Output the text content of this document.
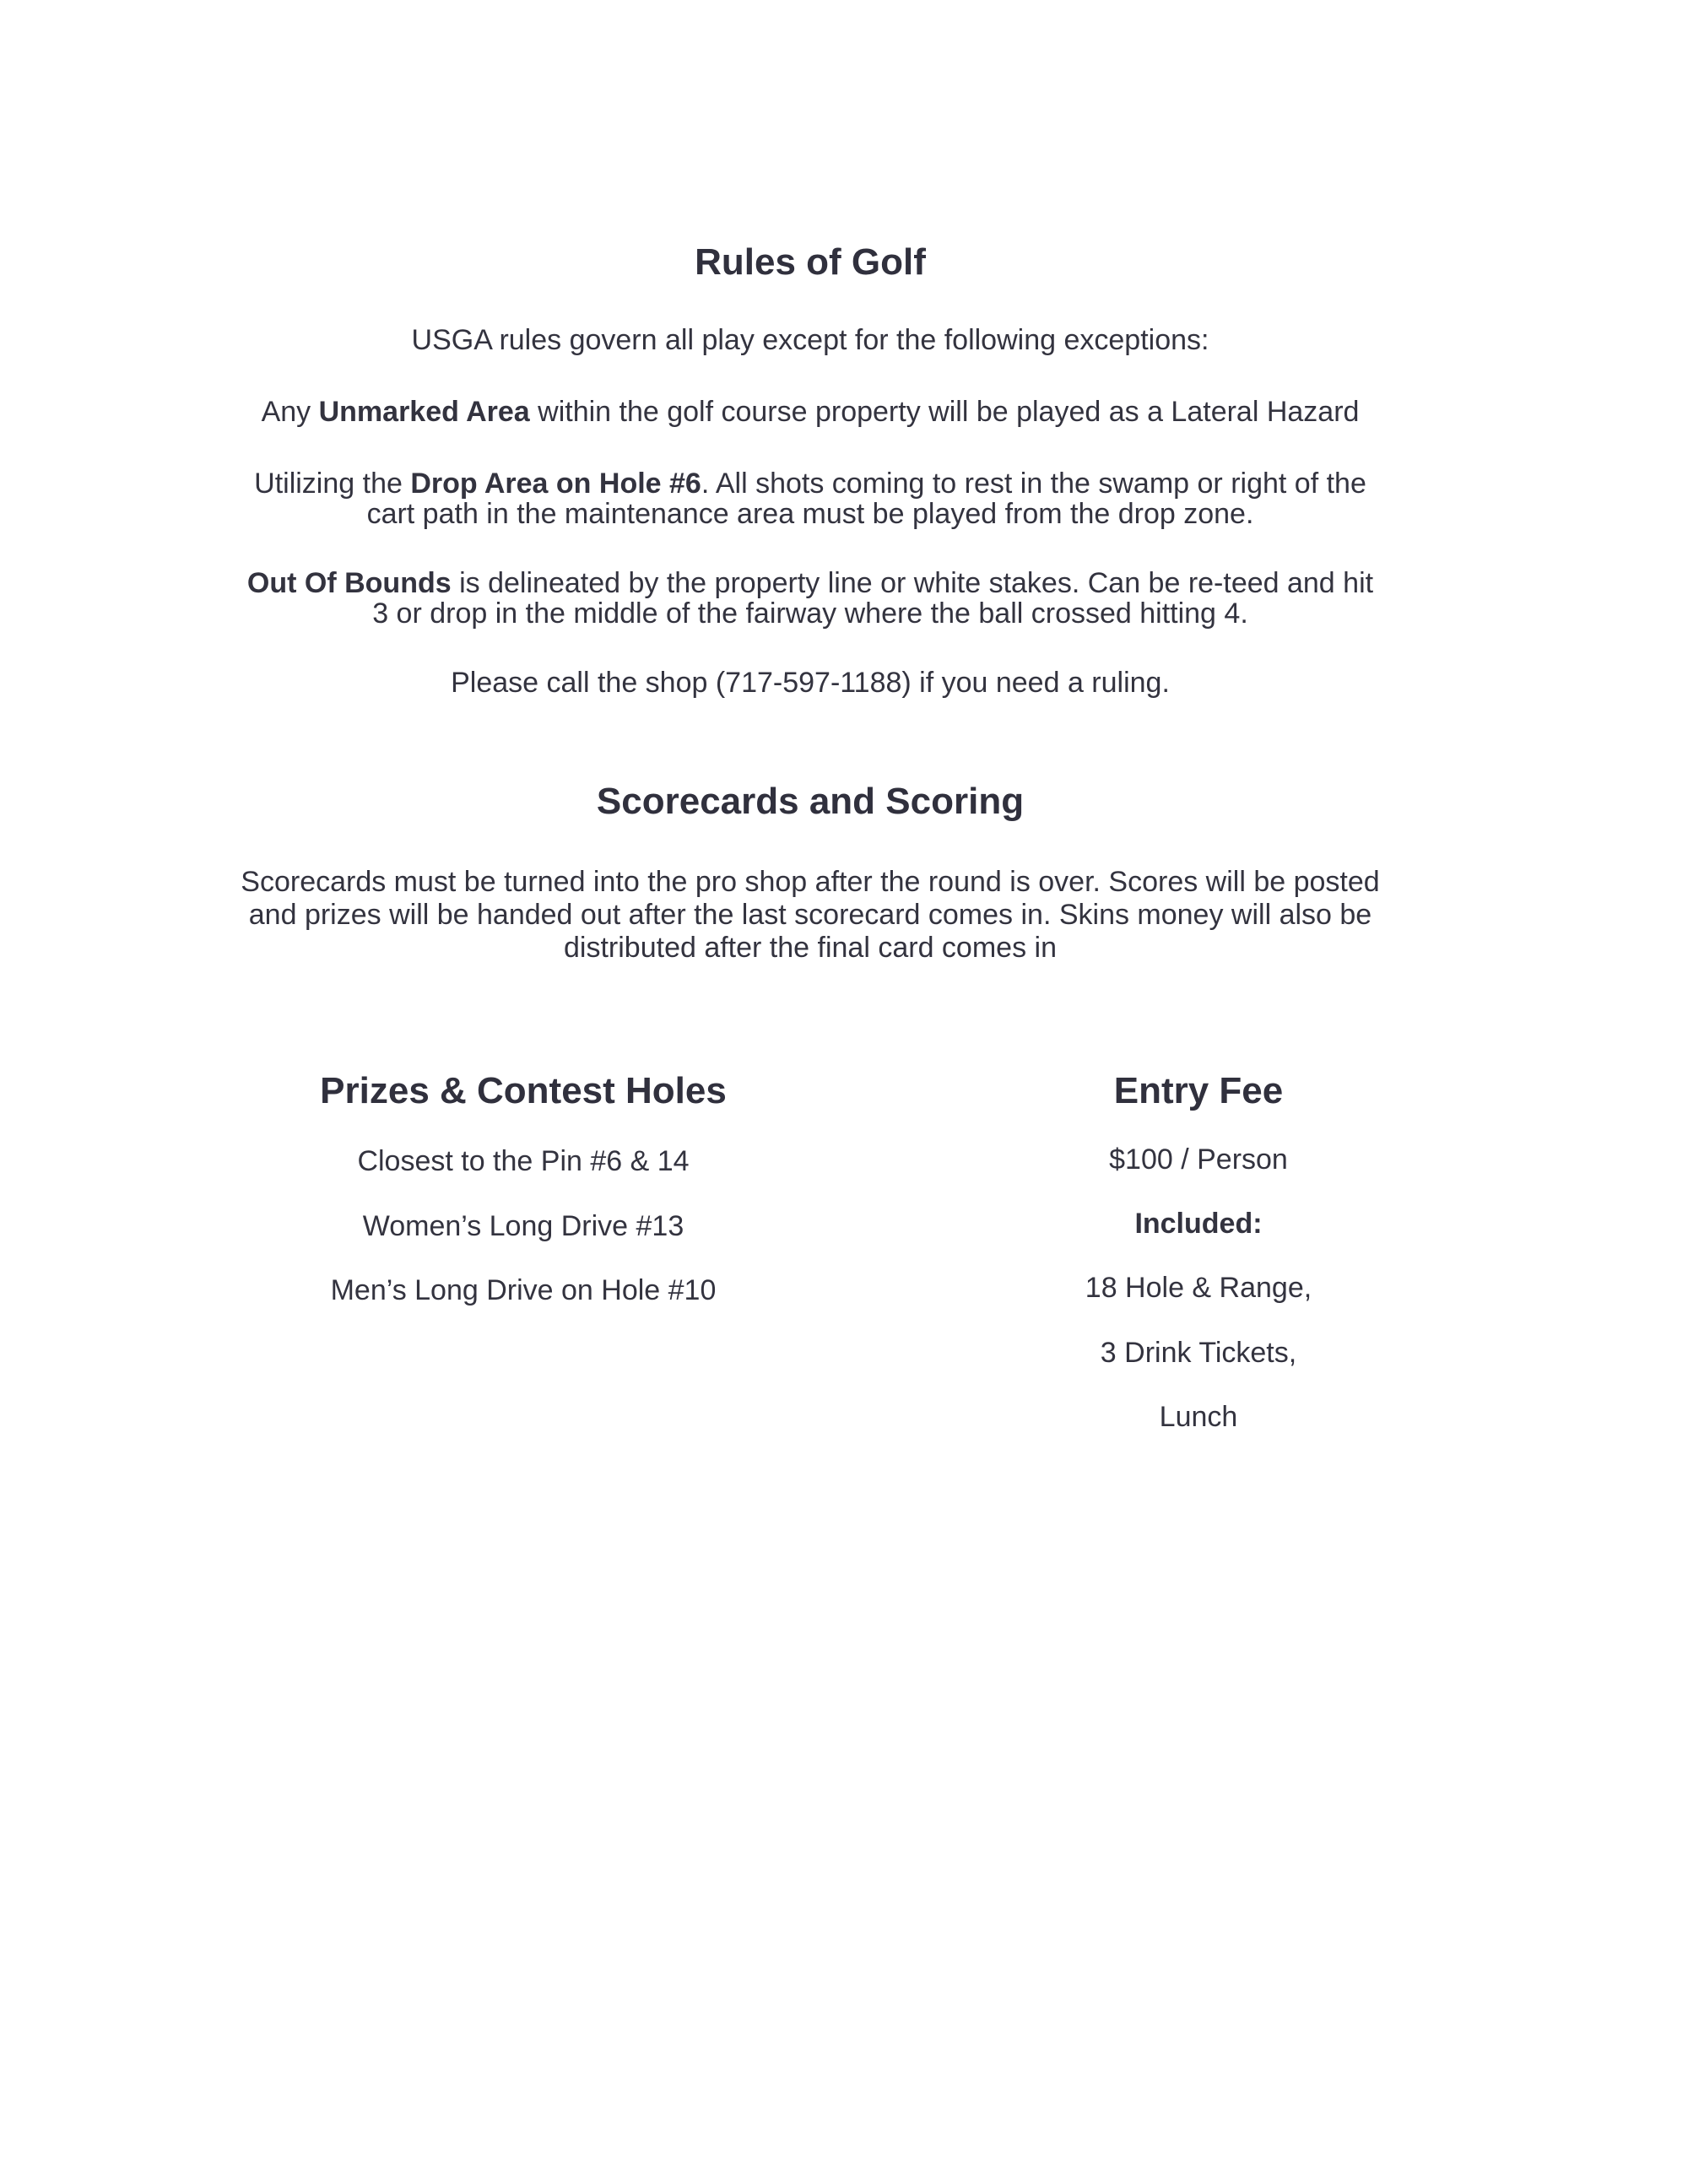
Rules of Golf

USGA rules govern all play except for the following exceptions:

Any Unmarked Area within the golf course property will be played as a Lateral Hazard

Utilizing the Drop Area on Hole #6. All shots coming to rest in the swamp or right of the cart path in the maintenance area must be played from the drop zone.

Out Of Bounds is delineated by the property line or white stakes. Can be re-teed and hit 3 or drop in the middle of the fairway where the ball crossed hitting 4.

Please call the shop (717-597-1188) if you need a ruling.

Scorecards and Scoring

Scorecards must be turned into the pro shop after the round is over. Scores will be posted and prizes will be handed out after the last scorecard comes in. Skins money will also be distributed after the final card comes in

Prizes & Contest Holes

Closest to the Pin #6 & 14

Women’s Long Drive #13

Men’s Long Drive on Hole #10

Entry Fee

$100 / Person

Included:

18 Hole & Range,

3 Drink Tickets,

Lunch
